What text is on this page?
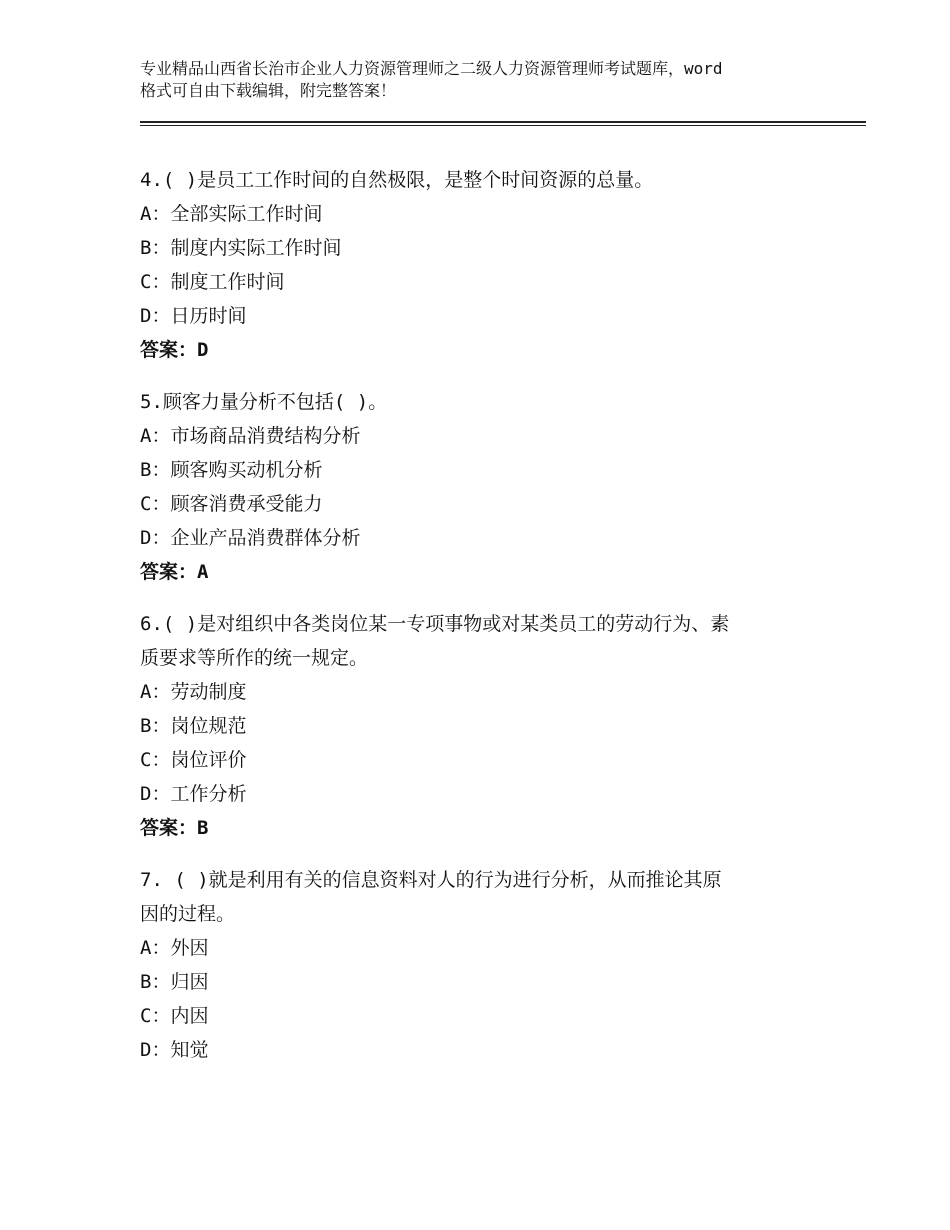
专业精品山西省长治市企业人力资源管理师之二级人力资源管理师考试题库，word
格式可自由下载编辑，附完整答案！
4.( )是员工工作时间的自然极限，是整个时间资源的总量。
A：全部实际工作时间
B：制度内实际工作时间
C：制度工作时间
D：日历时间
答案：D
5.顾客力量分析不包括( )。
A：市场商品消费结构分析
B：顾客购买动机分析
C：顾客消费承受能力
D：企业产品消费群体分析
答案：A
6.( )是对组织中各类岗位某一专项事物或对某类员工的劳动行为、素
质要求等所作的统一规定。
A：劳动制度
B：岗位规范
C：岗位评价
D：工作分析
答案：B
7. ( )就是利用有关的信息资料对人的行为进行分析，从而推论其原
因的过程。
A：外因
B：归因
C：内因
D：知觉
